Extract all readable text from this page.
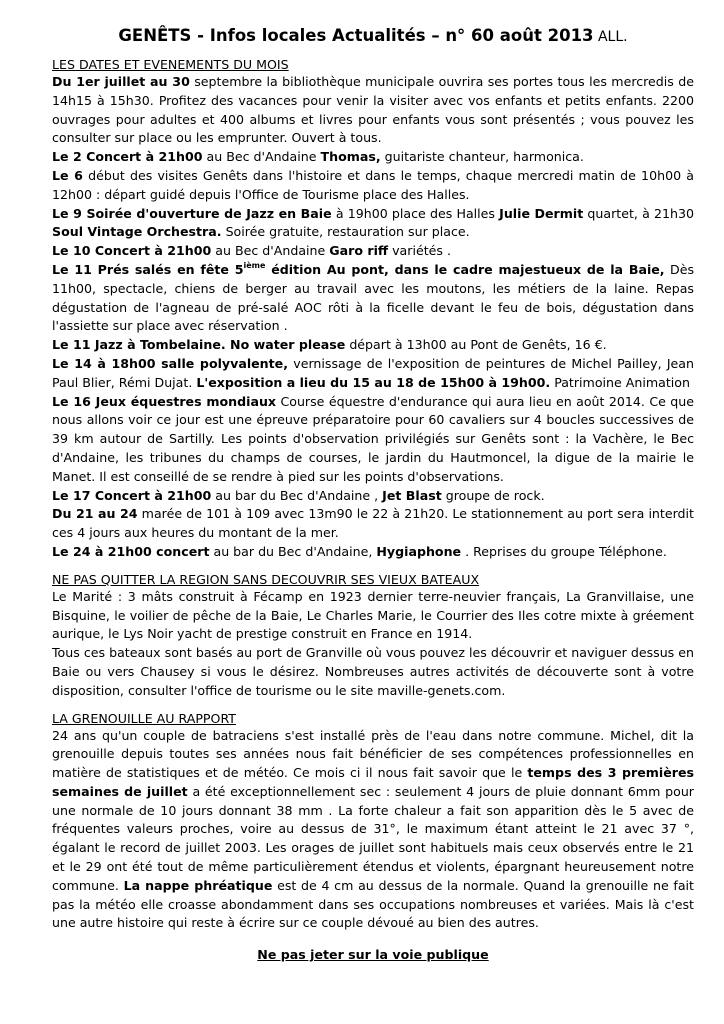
GENÊTS - Infos locales Actualités – n° 60 août 2013 ALL.
LES DATES ET EVENEMENTS DU MOIS

Du 1er juillet au 30 septembre la bibliothèque municipale ouvrira ses portes tous les mercredis de 14h15 à 15h30. Profitez des vacances pour venir la visiter avec vos enfants et petits enfants. 2200 ouvrages pour adultes et 400 albums et livres pour enfants vous sont présentés ; vous pouvez les consulter sur place ou les emprunter. Ouvert à tous.

Le 2 Concert à 21h00 au Bec d'Andaine Thomas, guitariste chanteur, harmonica.

Le 6 début des visites Genêts dans l'histoire et dans le temps, chaque mercredi matin de 10h00 à 12h00 : départ guidé depuis l'Office de Tourisme place des Halles.

Le 9 Soirée d'ouverture de Jazz en Baie à 19h00 place des Halles Julie Dermit quartet, à 21h30 Soul Vintage Orchestra. Soirée gratuite, restauration sur place.

Le 10 Concert à 21h00 au Bec d'Andaine Garo riff variétés .

Le 11 Prés salés en fête 5ième édition Au pont, dans le cadre majestueux de la Baie, Dès 11h00, spectacle, chiens de berger au travail avec les moutons, les métiers de la laine. Repas dégustation de l'agneau de pré-salé AOC rôti à la ficelle devant le feu de bois, dégustation dans l'assiette sur place avec réservation .

Le 11 Jazz à Tombelaine. No water please départ à 13h00 au Pont de Genêts, 16 €.

Le 14 à 18h00 salle polyvalente, vernissage de l'exposition de peintures de Michel Pailley, Jean Paul Blier, Rémi Dujat. L'exposition a lieu du 15 au 18 de 15h00 à 19h00. Patrimoine Animation

Le 16 Jeux équestres mondiaux Course équestre d'endurance qui aura lieu en août 2014. Ce que nous allons voir ce jour est une épreuve préparatoire pour 60 cavaliers sur 4 boucles successives de 39 km autour de Sartilly. Les points d'observation privilégiés sur Genêts sont : la Vachère, le Bec d'Andaine, les tribunes du champs de courses, le jardin du Hautmoncel, la digue de la mairie le Manet. Il est conseillé de se rendre à pied sur les points d'observations.

Le 17 Concert à 21h00 au bar du Bec d'Andaine , Jet Blast groupe de rock.

Du 21 au 24 marée de 101 à 109 avec 13m90 le 22 à 21h20. Le stationnement au port sera interdit ces 4 jours aux heures du montant de la mer.

Le 24 à 21h00 concert au bar du Bec d'Andaine, Hygiaphone . Reprises du groupe Téléphone.

NE PAS QUITTER LA REGION SANS DECOUVRIR SES VIEUX BATEAUX

Le Marité : 3 mâts construit à Fécamp en 1923 dernier terre-neuvier français, La Granvillaise, une Bisquine, le voilier de pêche de la Baie, Le Charles Marie, le Courrier des Iles cotre mixte à gréement aurique, le Lys Noir yacht de prestige construit en France en 1914.

Tous ces bateaux sont basés au port de Granville où vous pouvez les découvrir et naviguer dessus en Baie ou vers Chausey si vous le désirez. Nombreuses autres activités de découverte sont à votre disposition, consulter l'office de tourisme ou le site maville-genets.com.

LA GRENOUILLE AU RAPPORT

24 ans qu'un couple de batraciens s'est installé près de l'eau dans notre commune. Michel, dit la grenouille depuis toutes ses années nous fait bénéficier de ses compétences professionnelles en matière de statistiques et de météo. Ce mois ci il nous fait savoir que le temps des 3 premières semaines de juillet a été exceptionnellement sec : seulement 4 jours de pluie donnant 6mm pour une normale de 10 jours donnant 38 mm . La forte chaleur a fait son apparition dès le 5 avec de fréquentes valeurs proches, voire au dessus de 31°, le maximum étant atteint le 21 avec 37 °, égalant le record de juillet 2003. Les orages de juillet sont habituels mais ceux observés entre le 21 et le 29 ont été tout de même particulièrement étendus et violents, épargnant heureusement notre commune. La nappe phréatique est de 4 cm au dessus de la normale. Quand la grenouille ne fait pas la météo elle croasse abondamment dans ses occupations nombreuses et variées. Mais là c'est une autre histoire qui reste à écrire sur ce couple dévoué au bien des autres.

Ne pas jeter sur la voie publique
